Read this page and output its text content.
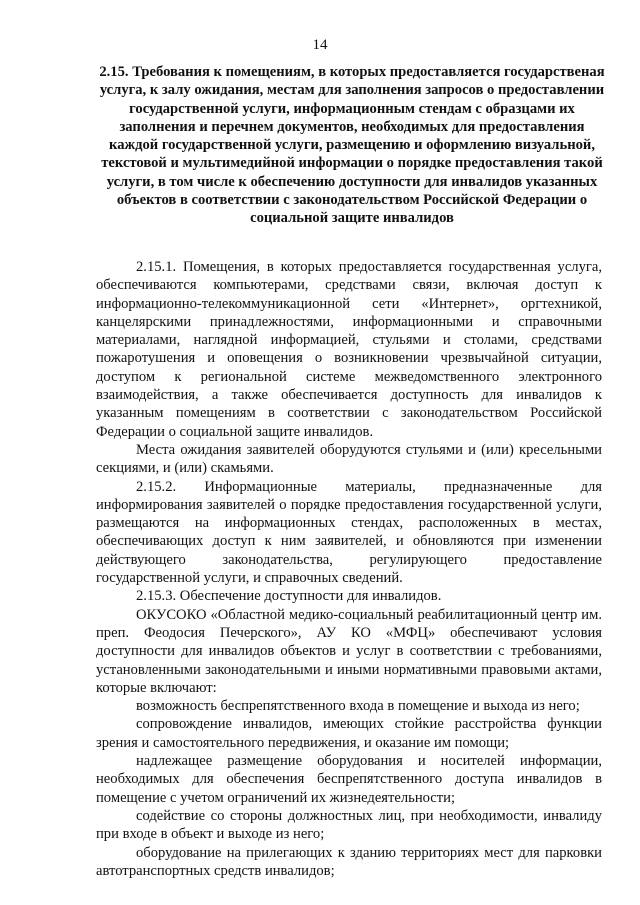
14
2.15. Требования к помещениям, в которых предоставляется государственая услуга, к залу ожидания, местам для заполнения запросов о предоставлении государственной услуги, информационным стендам с образцами их заполнения и перечнем документов, необходимых для предоставления каждой государственной услуги, размещению и оформлению визуальной, текстовой и мультимедийной информации о порядке предоставления такой услуги, в том числе к обеспечению доступности для инвалидов указанных объектов в соответствии с законодательством Российской Федерации о социальной защите инвалидов

2.15.1. Помещения, в которых предоставляется государственная услуга, обеспечиваются компьютерами, средствами связи, включая доступ к информационно-телекоммуникационной сети «Интернет», оргтехникой, канцелярскими принадлежностями, информационными и справочными материалами, наглядной информацией, стульями и столами, средствами пожаротушения и оповещения о возникновении чрезвычайной ситуации, доступом к региональной системе межведомственного электронного взаимодействия, а также обеспечивается доступность для инвалидов к указанным помещениям в соответствии с законодательством Российской Федерации о социальной защите инвалидов.

Места ожидания заявителей оборудуются стульями и (или) кресельными секциями, и (или) скамьями.

2.15.2. Информационные материалы, предназначенные для информирования заявителей о порядке предоставления государственной услуги, размещаются на информационных стендах, расположенных в местах, обеспечивающих доступ к ним заявителей, и обновляются при изменении действующего законодательства, регулирующего предоставление государственной услуги, и справочных сведений.

2.15.3. Обеспечение доступности для инвалидов.

ОКУСОКО «Областной медико-социальный реабилитационный центр им. преп. Феодосия Печерского», АУ КО «МФЦ» обеспечивают условия доступности для инвалидов объектов и услуг в соответствии с требованиями, установленными законодательными и иными нормативными правовыми актами, которые включают:

возможность беспрепятственного входа в помещение и выхода из него;

сопровождение инвалидов, имеющих стойкие расстройства функции зрения и самостоятельного передвижения, и оказание им помощи;

надлежащее размещение оборудования и носителей информации, необходимых для обеспечения беспрепятственного доступа инвалидов в помещение с учетом ограничений их жизнедеятельности;

содействие со стороны должностных лиц, при необходимости, инвалиду при входе в объект и выходе из него;

оборудование на прилегающих к зданию территориях мест для парковки автотранспортных средств инвалидов;
